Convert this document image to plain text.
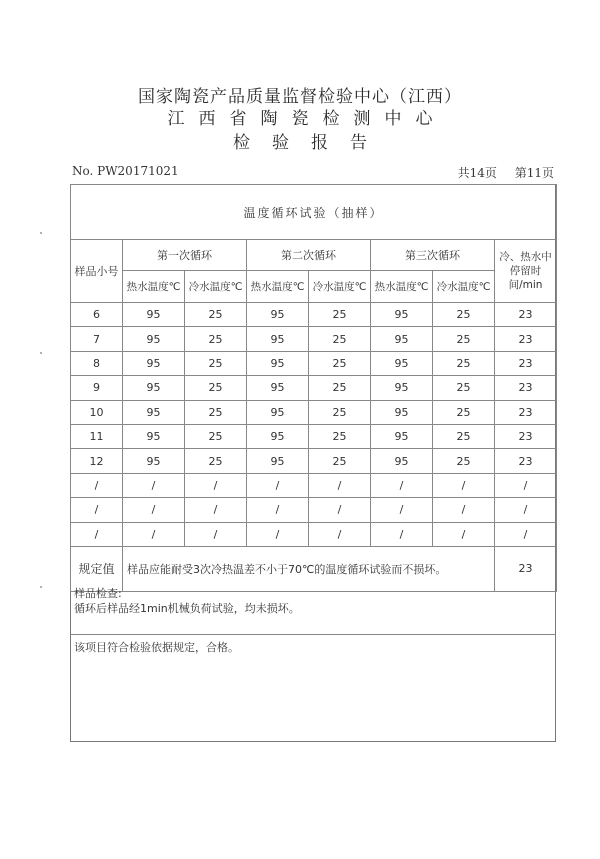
国家陶瓷产品质量监督检验中心（江西）
江西省陶瓷检测中心
检验报告
No. PW20171021	共14页 第11页
温度循环试验（抽样）							
样品小号	第一次循环		第二次循环		第三次循环		冷、热水中停留时间/min
	热水温度℃	冷水温度℃	热水温度℃	冷水温度℃	热水温度℃	冷水温度℃	
6	95	25	95	25	95	25	23
7	95	25	95	25	95	25	23
8	95	25	95	25	95	25	23
9	95	25	95	25	95	25	23
10	95	25	95	25	95	25	23
11	95	25	95	25	95	25	23
12	95	25	95	25	95	25	23
/	/	/	/	/	/	/	/
/	/	/	/	/	/	/	/
/	/	/	/	/	/	/	/
规定值	样品应能耐受3次冷热温差不小于70℃的温度循环试验而不损坏。						23
样品检查:
循环后样品经1min机械负荷试验，均未损坏。
该项目符合检验依据规定，合格。
